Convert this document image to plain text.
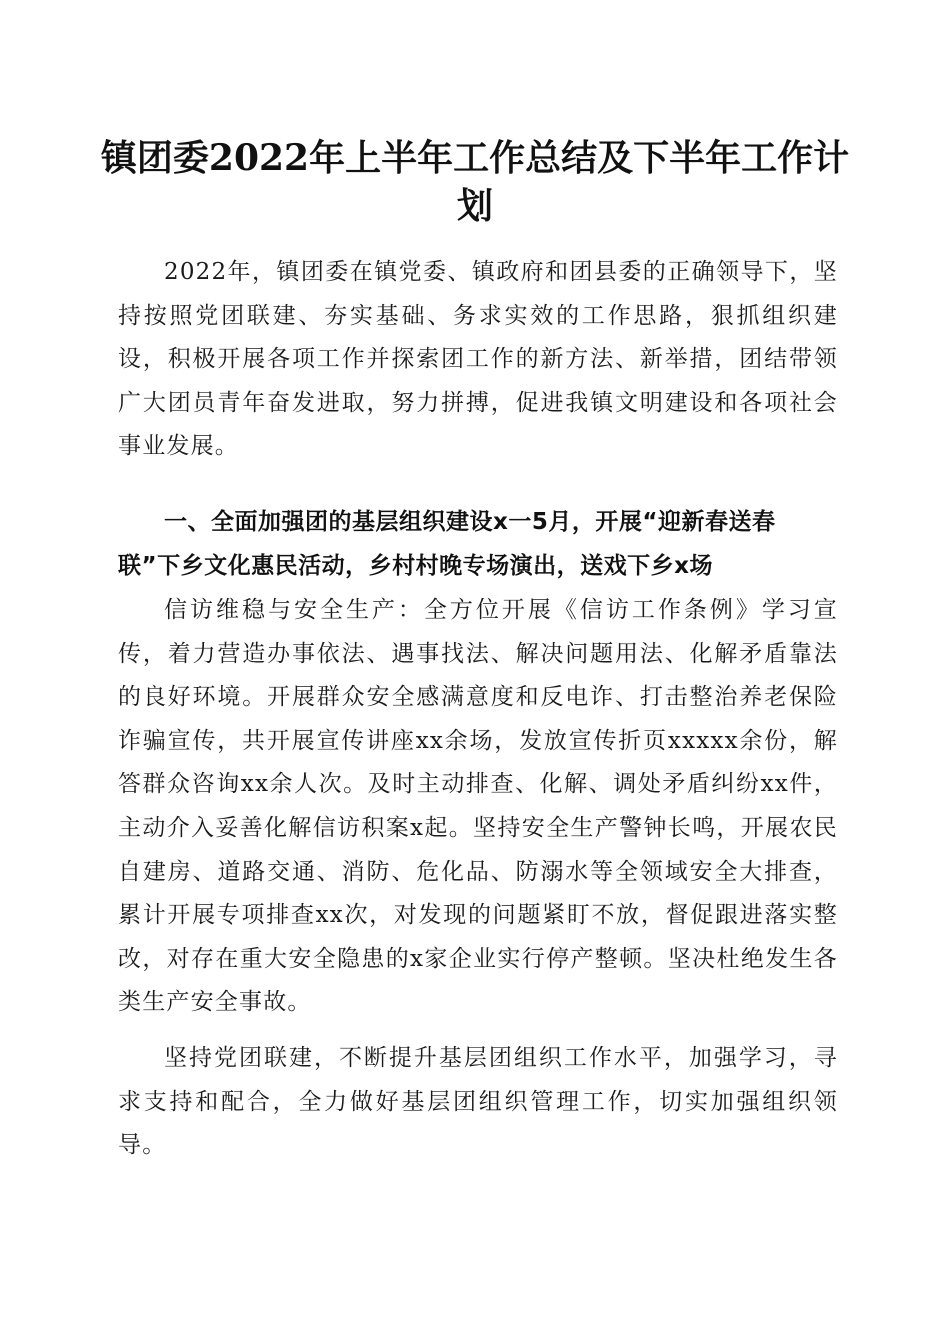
镇团委2022年上半年工作总结及下半年工作计划

2022年，镇团委在镇党委、镇政府和团县委的正确领导下，坚持按照党团联建、夯实基础、务求实效的工作思路，狠抓组织建设，积极开展各项工作并探索团工作的新方法、新举措，团结带领广大团员青年奋发进取，努力拼搏，促进我镇文明建设和各项社会事业发展。

一、全面加强团的基层组织建设x一5月，开展“迎新春送春联”下乡文化惠民活动，乡村村晚专场演出，送戏下乡x场

信访维稳与安全生产：全方位开展《信访工作条例》学习宣传，着力营造办事依法、遇事找法、解决问题用法、化解矛盾靠法的良好环境。开展群众安全感满意度和反电诈、打击整治养老保险诈骗宣传，共开展宣传讲座xx余场，发放宣传折页xxxxx余份，解答群众咨询xx余人次。及时主动排查、化解、调处矛盾纠纷xx件，主动介入妥善化解信访积案x起。坚持安全生产警钟长鸣，开展农民自建房、道路交通、消防、危化品、防溺水等全领域安全大排查，累计开展专项排查xx次，对发现的问题紧盯不放，督促跟进落实整改，对存在重大安全隐患的x家企业实行停产整顿。坚决杜绝发生各类生产安全事故。

坚持党团联建，不断提升基层团组织工作水平，加强学习，寻求支持和配合，全力做好基层团组织管理工作，切实加强组织领导。
